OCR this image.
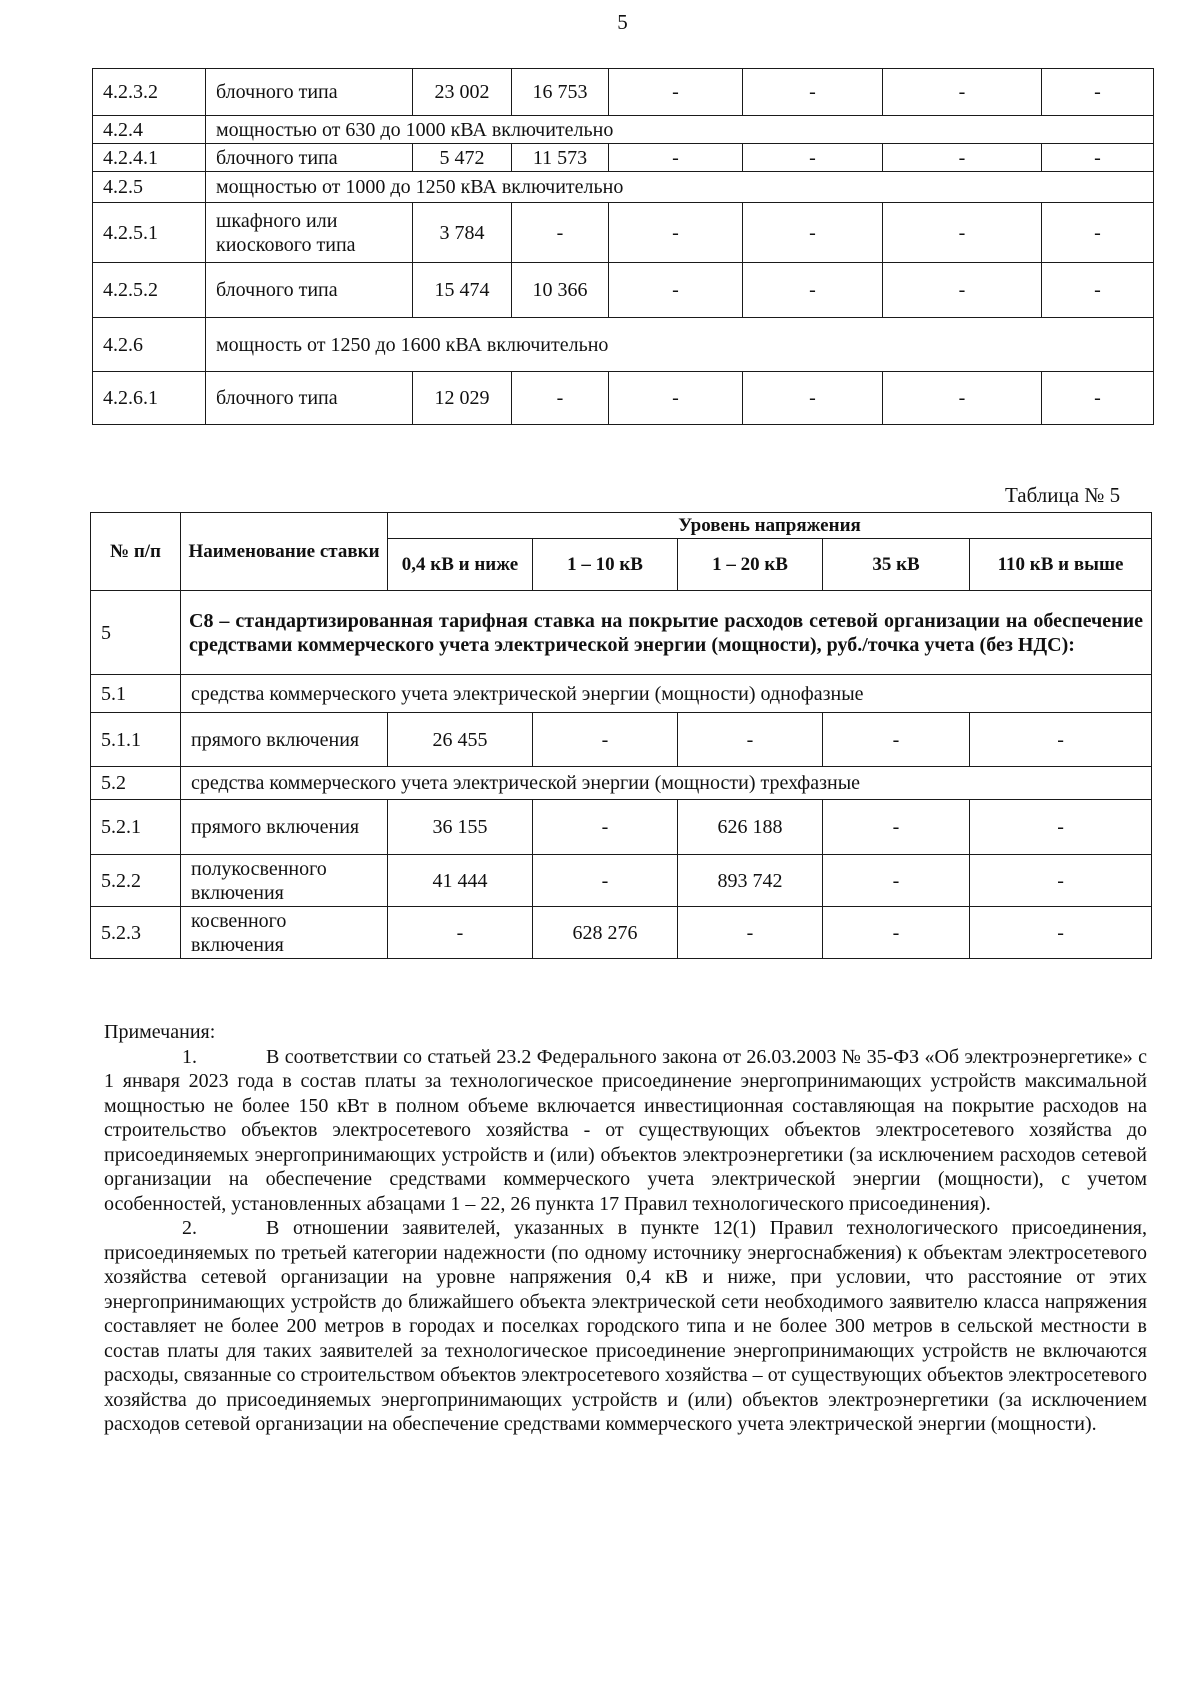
5
4.2.3.2	блочного типа	23 002	16 753	-	-	-	-
4.2.4	мощностью от 630 до 1000 кВА включительно						
4.2.4.1	блочного типа	5 472	11 573	-	-	-	-
4.2.5	мощностью от 1000 до 1250 кВА включительно						
4.2.5.1	шкафного или киоскового типа	3 784	-	-	-	-	-
4.2.5.2	блочного типа	15 474	10 366	-	-	-	-
4.2.6	мощность от 1250 до 1600 кВА включительно						
4.2.6.1	блочного типа	12 029	-	-	-	-	-
Таблица № 5
№ п/п	Наименование ставки	Уровень напряжения				
		0,4 кВ и ниже	1 – 10 кВ	1 – 20 кВ	35 кВ	110 кВ и выше
5	С8 – стандартизированная тарифная ставка на покрытие расходов сетевой организации на обеспечение средствами коммерческого учета электрической энергии (мощности), руб./точка учета (без НДС):					
5.1	средства коммерческого учета электрической энергии (мощности) однофазные					
5.1.1	прямого включения	26 455	-	-	-	-
5.2	средства коммерческого учета электрической энергии (мощности) трехфазные					
5.2.1	прямого включения	36 155	-	626 188	-	-
5.2.2	полукосвенного включения	41 444	-	893 742	-	-
5.2.3	косвенного включения	-	628 276	-	-	-

Примечания:

1.	В соответствии со статьей 23.2 Федерального закона от 26.03.2003 № 35-ФЗ «Об электроэнергетике» с 1 января 2023 года в состав платы за технологическое присоединение энергопринимающих устройств максимальной мощностью не более 150 кВт в полном объеме включается инвестиционная составляющая на покрытие расходов на строительство объектов электросетевого хозяйства - от существующих объектов электросетевого хозяйства до присоединяемых энергопринимающих устройств и (или) объектов электроэнергетики (за исключением расходов сетевой организации на обеспечение средствами коммерческого учета электрической энергии (мощности), с учетом особенностей, установленных абзацами 1 – 22, 26 пункта 17 Правил технологического присоединения).

2.	В отношении заявителей, указанных в пункте 12(1) Правил технологического присоединения, присоединяемых по третьей категории надежности (по одному источнику энергоснабжения) к объектам электросетевого хозяйства сетевой организации на уровне напряжения 0,4 кВ и ниже, при условии, что расстояние от этих энергопринимающих устройств до ближайшего объекта электрической сети необходимого заявителю класса напряжения составляет не более 200 метров в городах и поселках городского типа и не более 300 метров в сельской местности в состав платы для таких заявителей за технологическое присоединение энергопринимающих устройств не включаются расходы, связанные со строительством объектов электросетевого хозяйства – от существующих объектов электросетевого хозяйства до присоединяемых энергопринимающих устройств и (или) объектов электроэнергетики (за исключением расходов сетевой организации на обеспечение средствами коммерческого учета электрической энергии (мощности).
